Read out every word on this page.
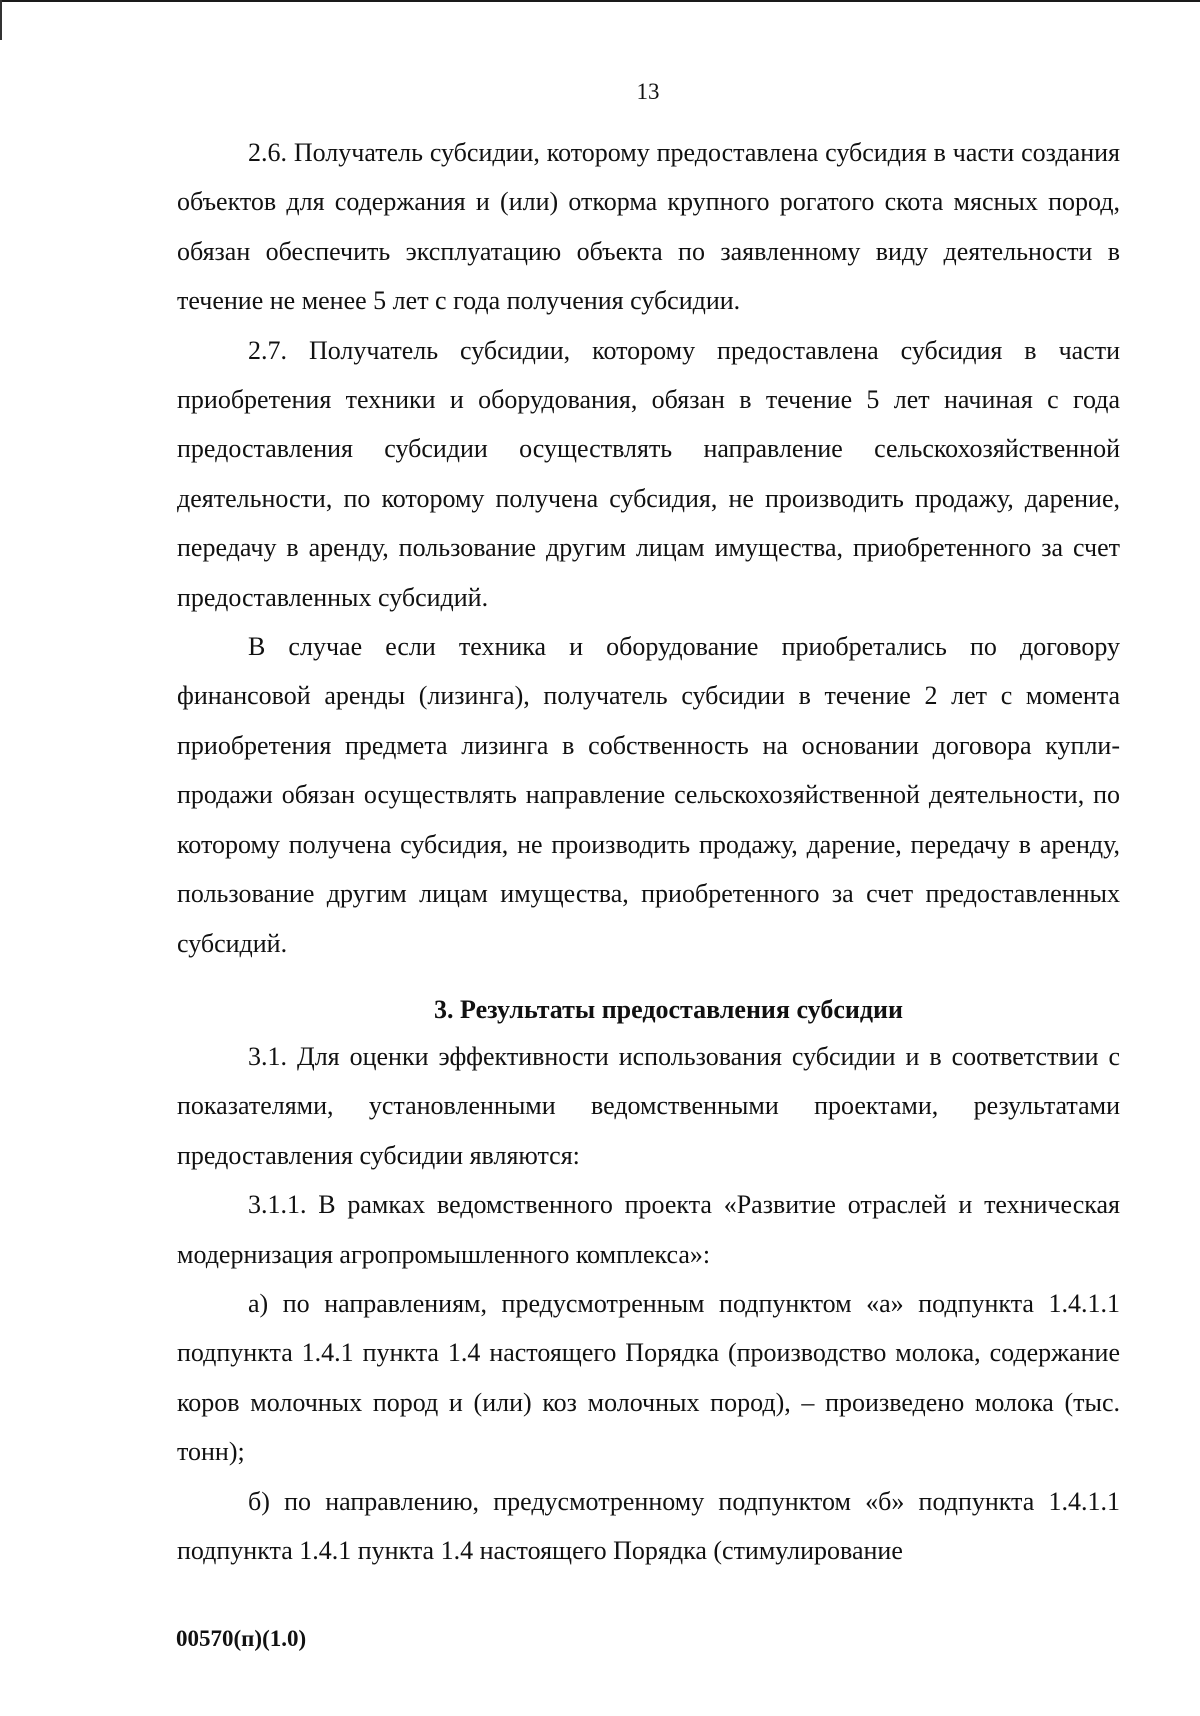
13

2.6. Получатель субсидии, которому предоставлена субсидия в части создания объектов для содержания и (или) откорма крупного рогатого скота мясных пород, обязан обеспечить эксплуатацию объекта по заявленному виду деятельности в течение не менее 5 лет с года получения субсидии.

2.7. Получатель субсидии, которому предоставлена субсидия в части приобретения техники и оборудования, обязан в течение 5 лет начиная с года предоставления субсидии осуществлять направление сельскохозяйственной деятельности, по которому получена субсидия, не производить продажу, дарение, передачу в аренду, пользование другим лицам имущества, приобретенного за счет предоставленных субсидий.

В случае если техника и оборудование приобретались по договору финансовой аренды (лизинга), получатель субсидии в течение 2 лет с момента приобретения предмета лизинга в собственность на основании договора купли-продажи обязан осуществлять направление сельскохозяйственной деятельности, по которому получена субсидия, не производить продажу, дарение, передачу в аренду, пользование другим лицам имущества, приобретенного за счет предоставленных субсидий.

3. Результаты предоставления субсидии

3.1. Для оценки эффективности использования субсидии и в соответствии с показателями, установленными ведомственными проектами, результатами предоставления субсидии являются:

3.1.1. В рамках ведомственного проекта «Развитие отраслей и техническая модернизация агропромышленного комплекса»:

а) по направлениям, предусмотренным подпунктом «а» подпункта 1.4.1.1 подпункта 1.4.1 пункта 1.4 настоящего Порядка (производство молока, содержание коров молочных пород и (или) коз молочных пород), – произведено молока (тыс. тонн);

б) по направлению, предусмотренному подпунктом «б» подпункта 1.4.1.1 подпункта 1.4.1 пункта 1.4 настоящего Порядка (стимулирование

00570(п)(1.0)
